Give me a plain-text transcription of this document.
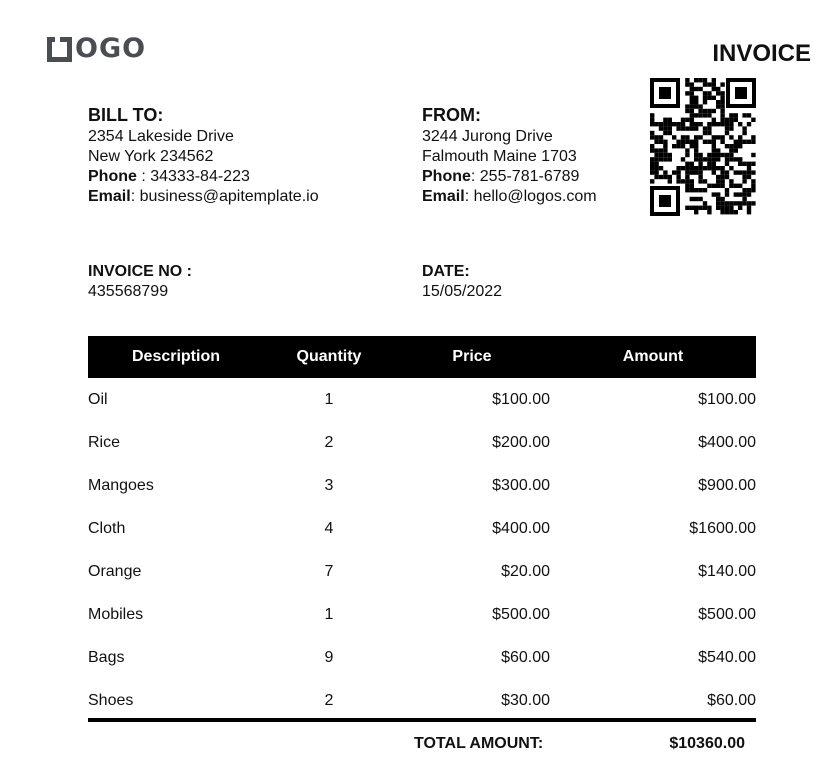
OGO	INVOICE
BILL TO:
2354 Lakeside Drive
New York 234562
Phone : 34333-84-223
Email: business@apitemplate.io
FROM:
3244 Jurong Drive
Falmouth Maine 1703
Phone: 255-781-6789
Email: hello@logos.com
INVOICE NO :
435568799
DATE:
15/05/2022
Description	Quantity	Price	Amount
Oil	1	$100.00	$100.00
Rice	2	$200.00	$400.00
Mangoes	3	$300.00	$900.00
Cloth	4	$400.00	$1600.00
Orange	7	$20.00	$140.00
Mobiles	1	$500.00	$500.00
Bags	9	$60.00	$540.00
Shoes	2	$30.00	$60.00
TOTAL AMOUNT:	$10360.00
